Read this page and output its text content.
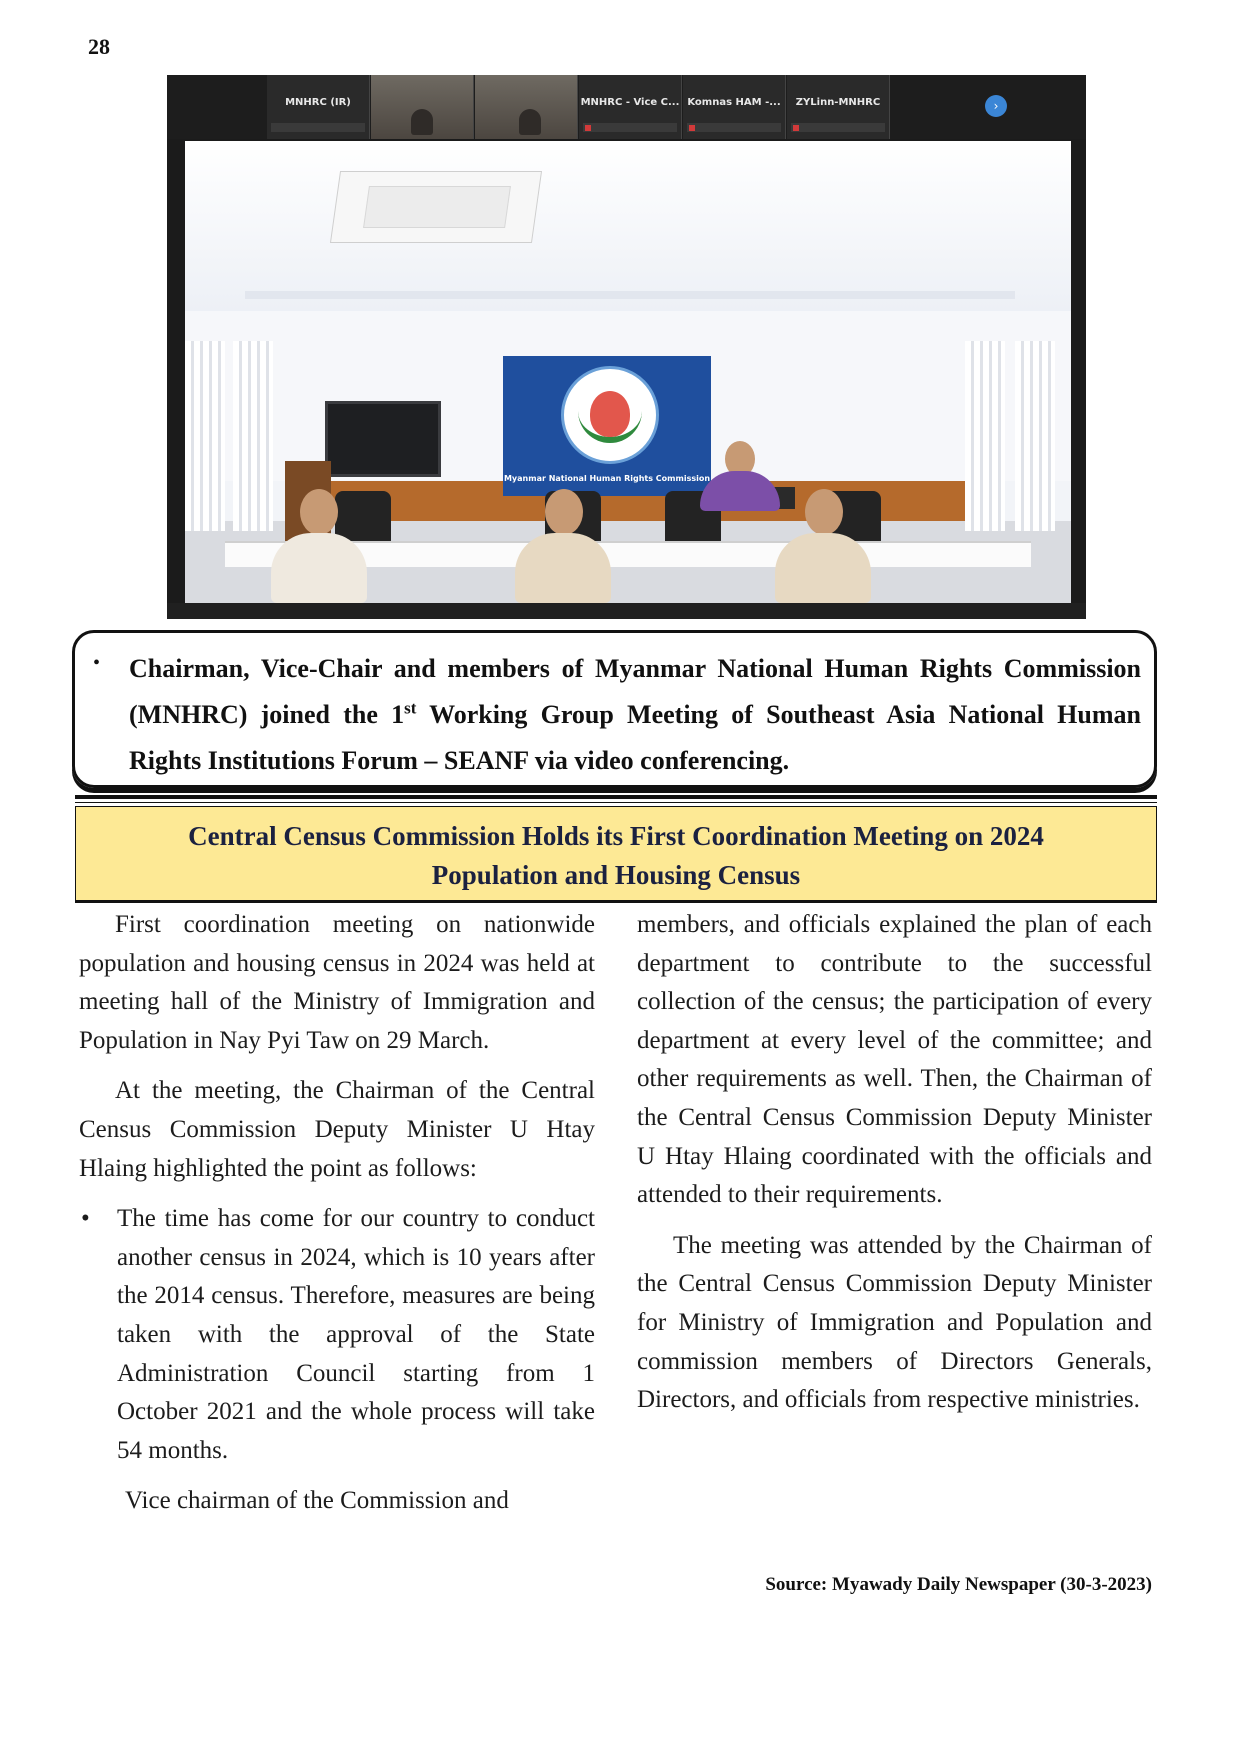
28
MNHRC (IR)	MNHRC - Vice C... Komnas HAM -...	ZYLinn-MNHRC	›
Myanmar National Human Rights Commission
• Chairman, Vice-Chair and members of Myanmar National Human Rights Commission (MNHRC) joined the 1st Working Group Meeting of Southeast Asia National Human Rights Institutions Forum – SEANF via video conferencing.
Central Census Commission Holds its First Coordination Meeting on 2024
Population and Housing Census

First coordination meeting on nationwide population and housing census in 2024 was held at meeting hall of the Ministry of Immigration and Population in Nay Pyi Taw on 29 March.

At the meeting, the Chairman of the Central Census Commission Deputy Minister U Htay Hlaing highlighted the point as follows:

• The time has come for our country to conduct another census in 2024, which is 10 years after the 2014 census. Therefore, measures are being taken with the approval of the State Administration Council starting from 1 October 2021 and the whole process will take 54 months.

Vice chairman of the Commission and

members, and officials explained the plan of each department to contribute to the successful collection of the census; the participation of every department at every level of the committee; and other requirements as well. Then, the Chairman of the Central Census Commission Deputy Minister U Htay Hlaing coordinated with the officials and attended to their requirements.

The meeting was attended by the Chairman of the Central Census Commission Deputy Minister for Ministry of Immigration and Population and commission members of Directors Generals, Directors, and officials from respective ministries.

Source: Myawady Daily Newspaper (30-3-2023)
